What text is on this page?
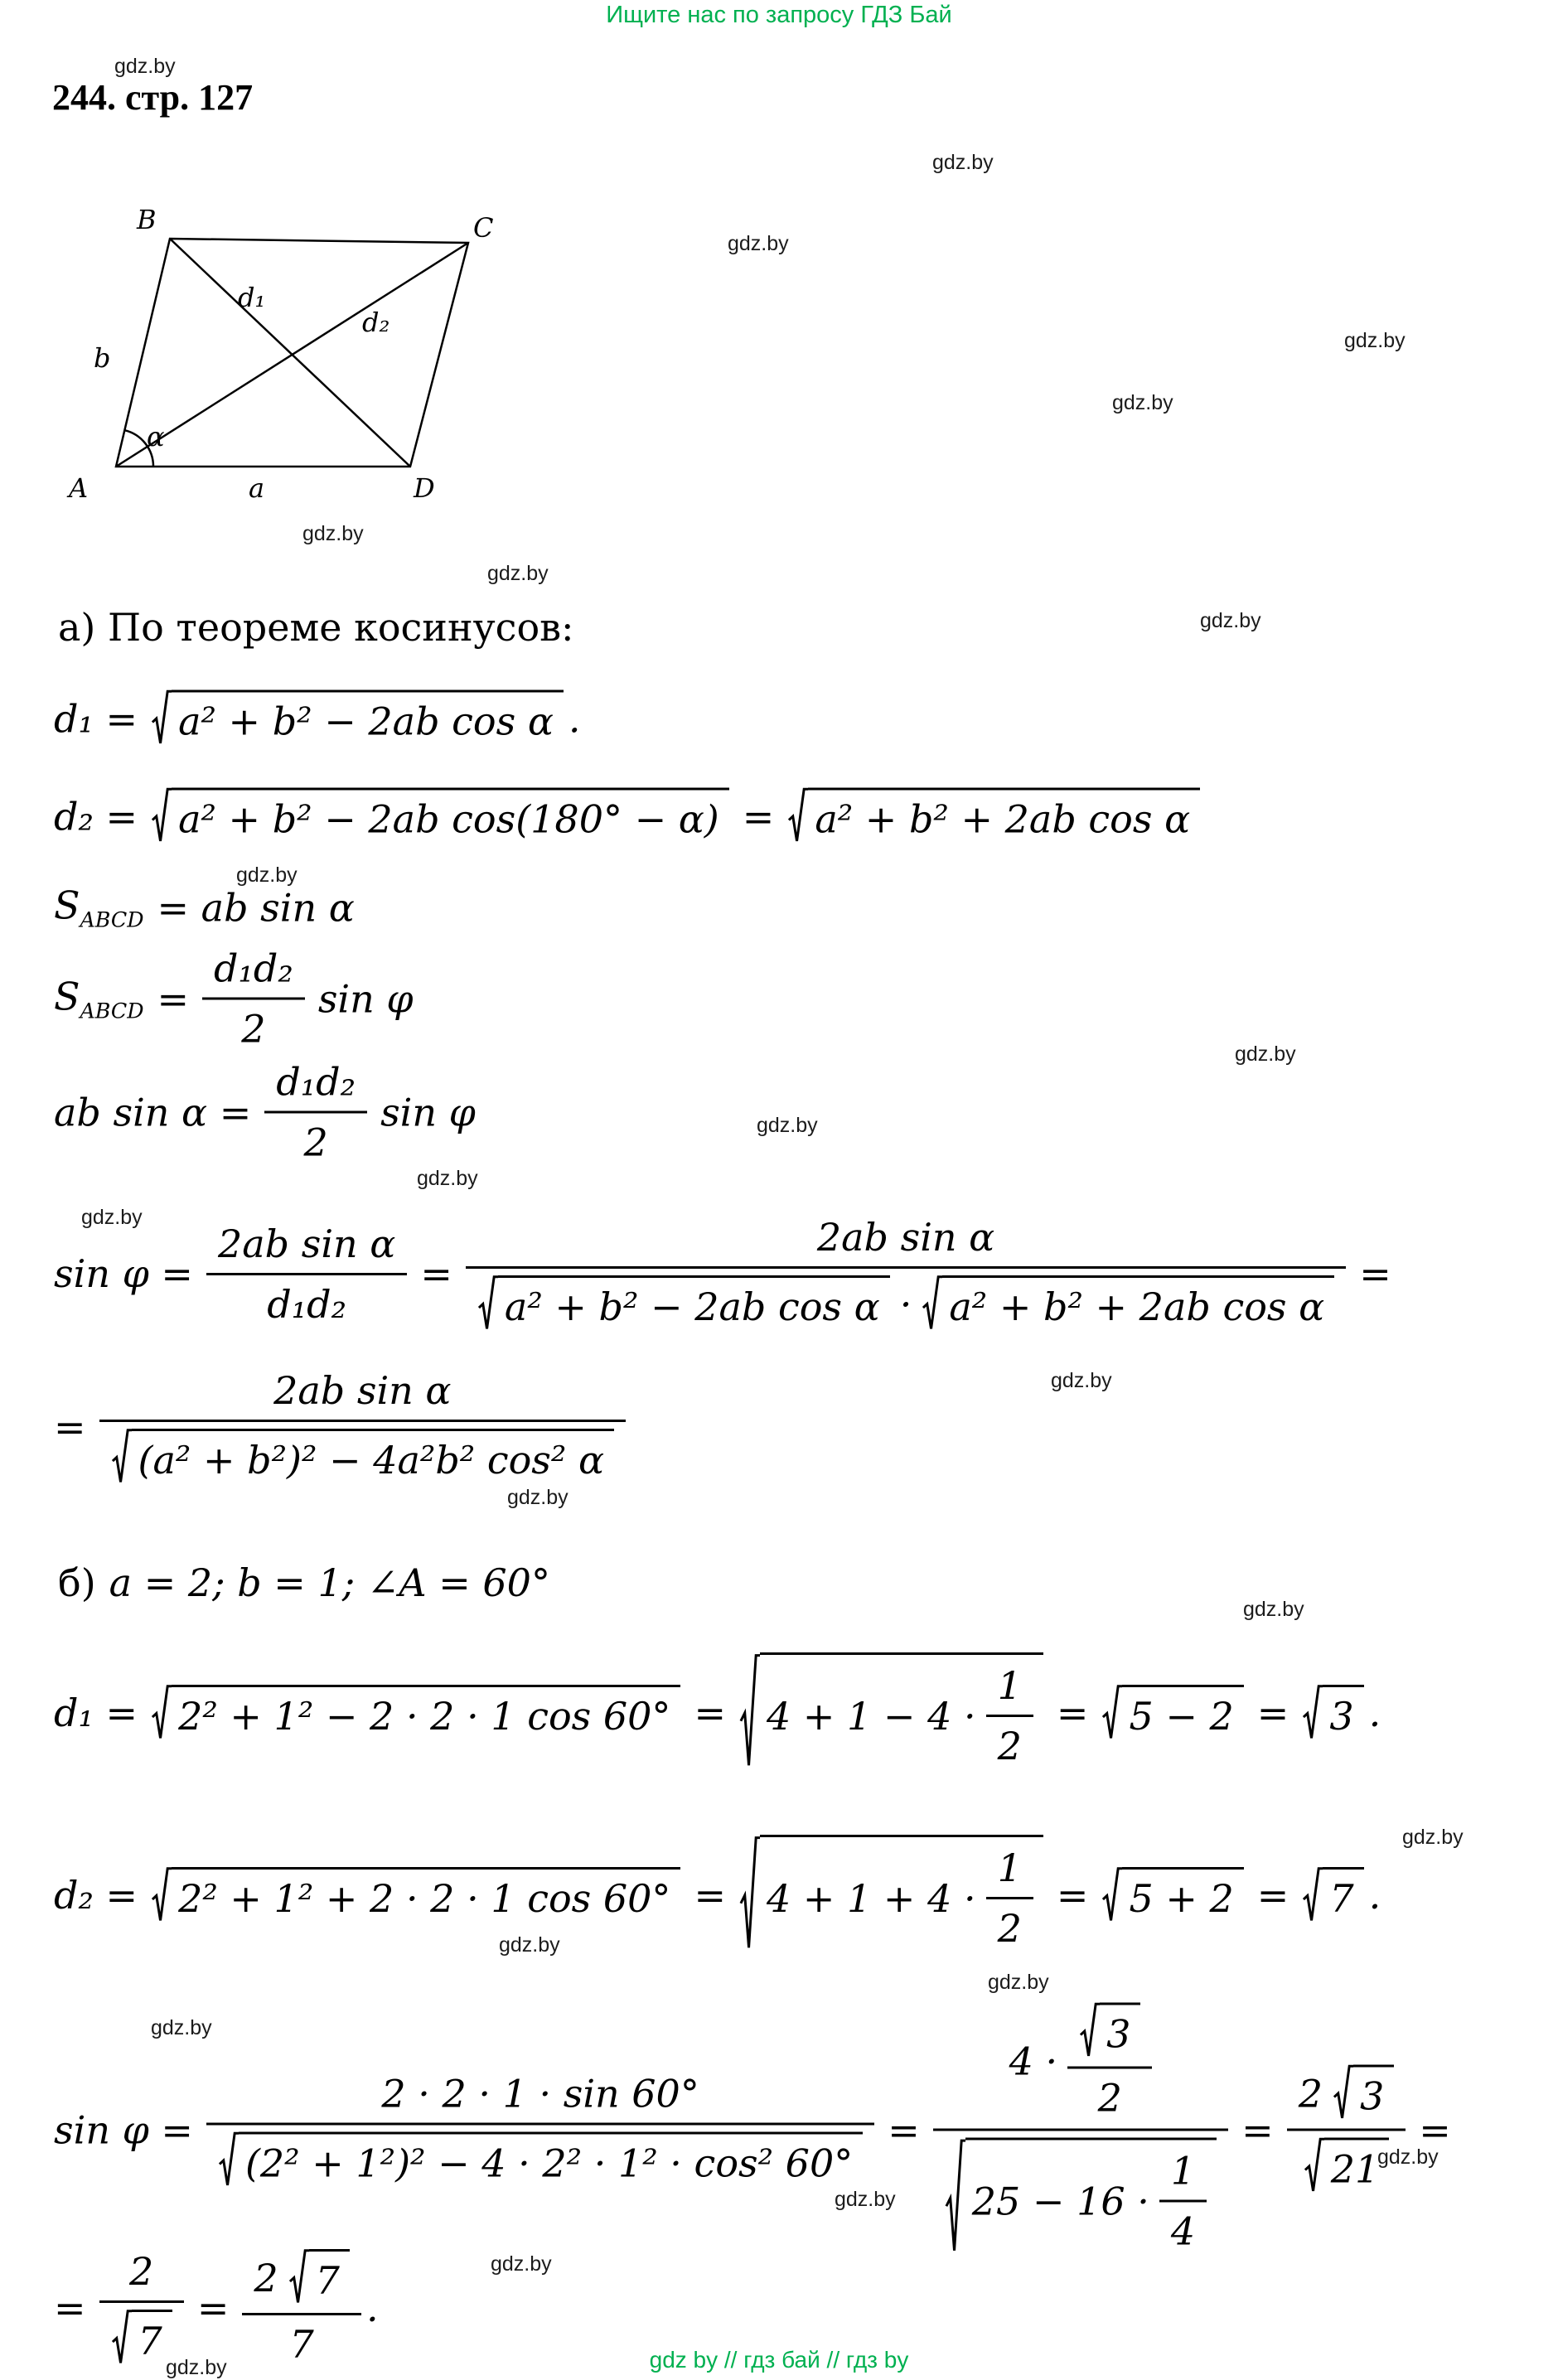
Ищите нас по запросу ГДЗ Бай
gdz.by
gdz.by
gdz.by
gdz.by
gdz.by
gdz.by
gdz.by
gdz.by
gdz.by
gdz.by
gdz.by
gdz.by
gdz.by
gdz.by
gdz.by
gdz.by
gdz.by
gdz.by
gdz.by
gdz.by
gdz.by
gdz.by
gdz.by
gdz.by
244. стр. 127
B	C
A	D
d₁
d₂
b
a
α
а) По теореме косинусов:
d₁ = a² + b² − 2ab cos α .
d₂ = a² + b² − 2ab cos(180° − α) = a² + b² + 2ab cos α
$S_{ABCD}$ = ab sin α
$S_{ABCD} = \frac{\text{d₁d₂}}{2}$ sin φ
ab $\sin \alpha = \frac{\text{d₁d₂}}{2}$ sin φ
$\sin \varphi = \frac{\text{2ab sin α}}{\text{d₁d₂}}$ =
2ab sin α
a² + b² − 2ab cos α · a² + b² + 2ab cos α
=
= $\frac{\text{2ab sin α}}{\text{(a² + b²)² − 4a²b² cos² α}}$
б) a = 2; b = 1; ∠A = 60°
d₁ = 2² + 1² − 2 · 2 · 1 $\cos 60^\circ = 4 + 1 - 4 \cdot \frac{1}{2} = 5 - 2 = 3$ .
d₂ = 2² + 1² + 2 · 2 · 1 $\cos 60^\circ = 4 + 1 + 4 \cdot \frac{1}{2} = 5 + 2 = 7$ .
$\sin \varphi = \frac{2 \cdot 2 \cdot 1 \cdot \sin 60^\circ}{\text{(2² + 1²)² − 4 · 2² · 1² · cos² 60°}}$ =
$4 \cdot \frac{3}{2}$
$25 - 16 \cdot \frac{1}{4}$
= $\frac{2 3}{21}$ =
= $\frac{2}{7} = \frac{2 7}{7}$ .
gdz by // гдз бай // гдз by
